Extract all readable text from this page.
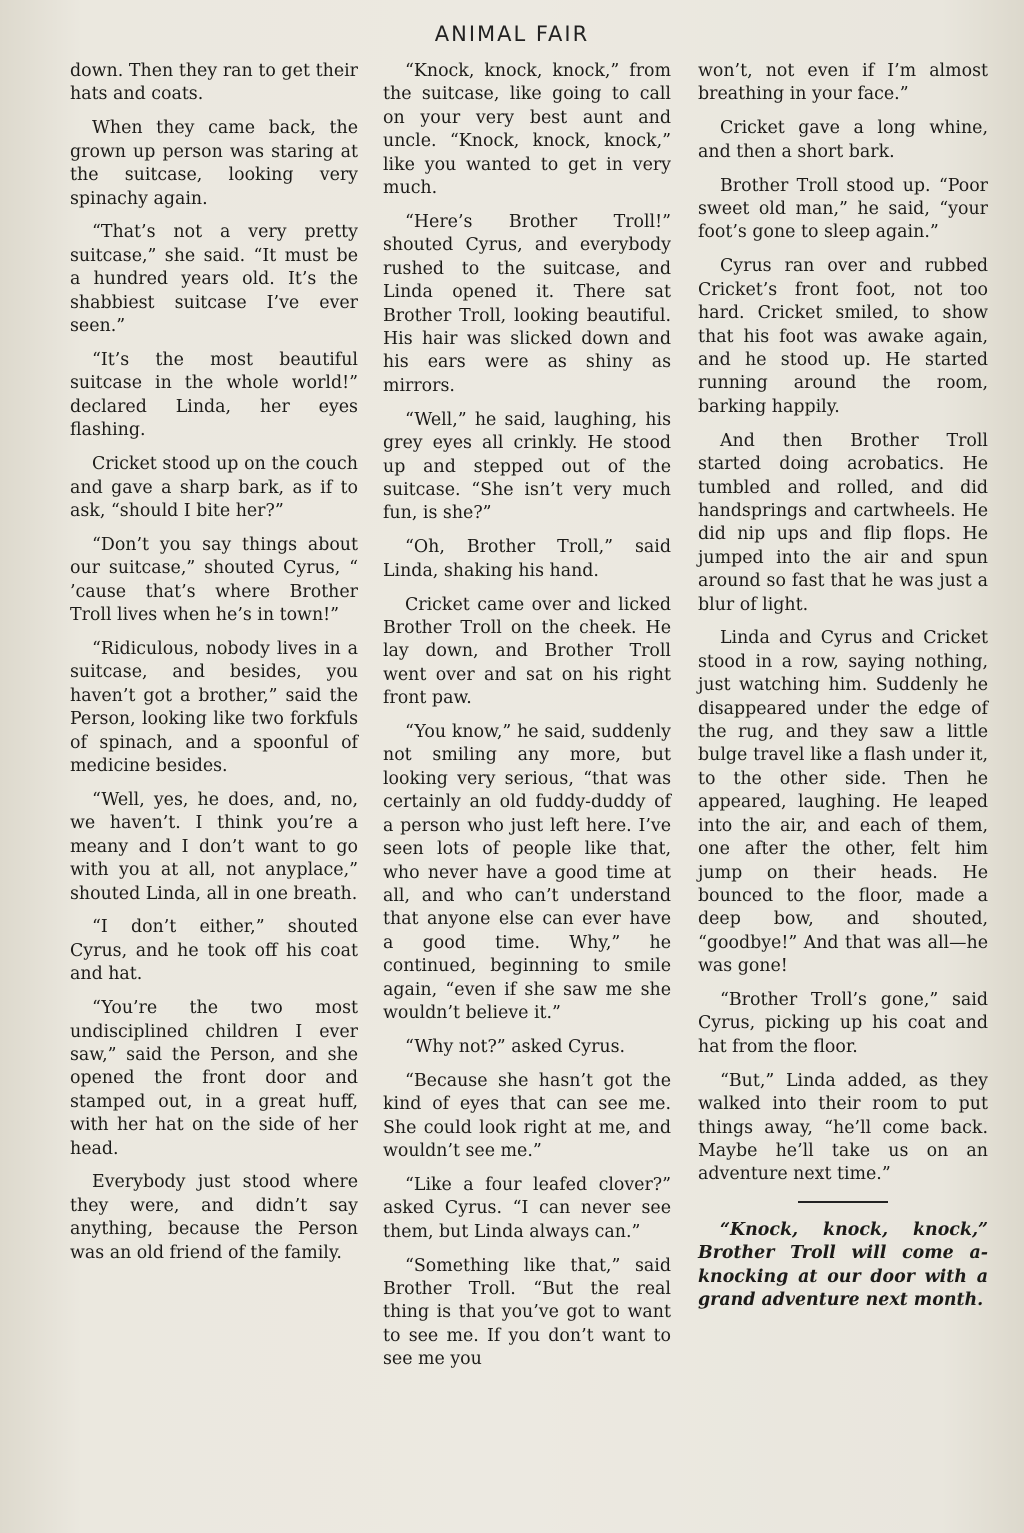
ANIMAL FAIR

down. Then they ran to get their hats and coats.

When they came back, the grown up person was staring at the suitcase, looking very spinachy again.

“That’s not a very pretty suitcase,” she said. “It must be a hundred years old. It’s the shabbiest suitcase I’ve ever seen.”

“It’s the most beautiful suitcase in the whole world!” declared Linda, her eyes flashing.

Cricket stood up on the couch and gave a sharp bark, as if to ask, “should I bite her?”

“Don’t you say things about our suitcase,” shouted Cyrus, “ ’cause that’s where Brother Troll lives when he’s in town!”

“Ridiculous, nobody lives in a suitcase, and besides, you haven’t got a brother,” said the Person, looking like two forkfuls of spinach, and a spoonful of medicine besides.

“Well, yes, he does, and, no, we haven’t. I think you’re a meany and I don’t want to go with you at all, not anyplace,” shouted Linda, all in one breath.

“I don’t either,” shouted Cyrus, and he took off his coat and hat.

“You’re the two most undisciplined children I ever saw,” said the Person, and she opened the front door and stamped out, in a great huff, with her hat on the side of her head.

Everybody just stood where they were, and didn’t say anything, because the Person was an old friend of the family.

“Knock, knock, knock,” from the suitcase, like going to call on your very best aunt and uncle. “Knock, knock, knock,” like you wanted to get in very much.

“Here’s Brother Troll!” shouted Cyrus, and everybody rushed to the suitcase, and Linda opened it. There sat Brother Troll, looking beautiful. His hair was slicked down and his ears were as shiny as mirrors.

“Well,” he said, laughing, his grey eyes all crinkly. He stood up and stepped out of the suitcase. “She isn’t very much fun, is she?”

“Oh, Brother Troll,” said Linda, shaking his hand.

Cricket came over and licked Brother Troll on the cheek. He lay down, and Brother Troll went over and sat on his right front paw.

“You know,” he said, suddenly not smiling any more, but looking very serious, “that was certainly an old fuddy-duddy of a person who just left here. I’ve seen lots of people like that, who never have a good time at all, and who can’t understand that anyone else can ever have a good time. Why,” he continued, beginning to smile again, “even if she saw me she wouldn’t believe it.”

“Why not?” asked Cyrus.

“Because she hasn’t got the kind of eyes that can see me. She could look right at me, and wouldn’t see me.”

“Like a four leafed clover?” asked Cyrus. “I can never see them, but Linda always can.”

“Something like that,” said Brother Troll. “But the real thing is that you’ve got to want to see me. If you don’t want to see me you

won’t, not even if I’m almost breathing in your face.”

Cricket gave a long whine, and then a short bark.

Brother Troll stood up. “Poor sweet old man,” he said, “your foot’s gone to sleep again.”

Cyrus ran over and rubbed Cricket’s front foot, not too hard. Cricket smiled, to show that his foot was awake again, and he stood up. He started running around the room, barking happily.

And then Brother Troll started doing acrobatics. He tumbled and rolled, and did handsprings and cartwheels. He did nip ups and flip flops. He jumped into the air and spun around so fast that he was just a blur of light.

Linda and Cyrus and Cricket stood in a row, saying nothing, just watching him. Suddenly he disappeared under the edge of the rug, and they saw a little bulge travel like a flash under it, to the other side. Then he appeared, laughing. He leaped into the air, and each of them, one after the other, felt him jump on their heads. He bounced to the floor, made a deep bow, and shouted, “goodbye!” And that was all—he was gone!

“Brother Troll’s gone,” said Cyrus, picking up his coat and hat from the floor.

“But,” Linda added, as they walked into their room to put things away, “he’ll come back. Maybe he’ll take us on an adventure next time.”

“Knock, knock, knock,” Brother Troll will come a-knocking at our door with a grand adventure next month.
